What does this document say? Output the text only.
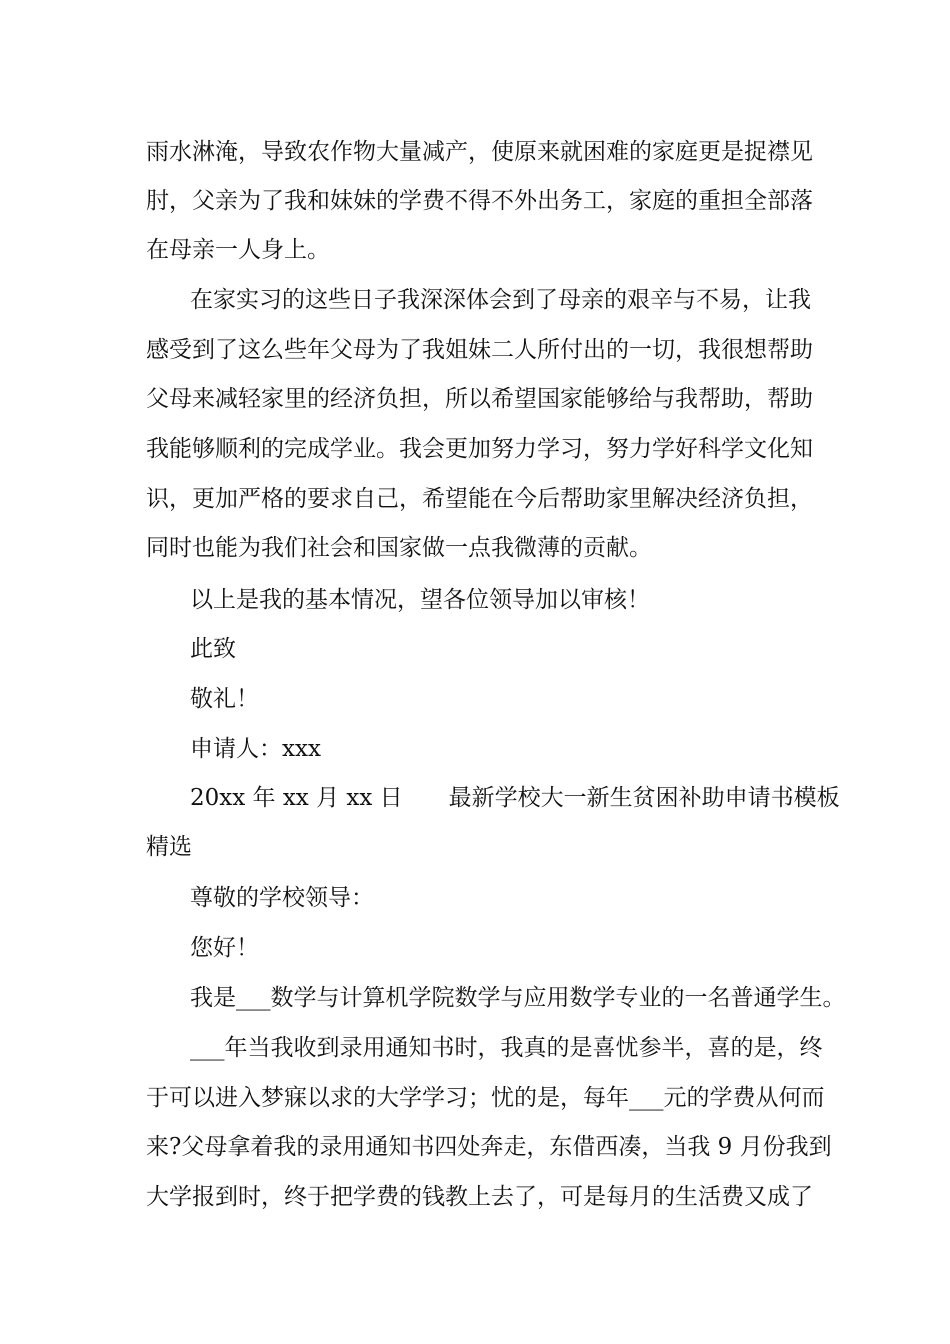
雨水淋淹，导致农作物大量减产，使原来就困难的家庭更是捉襟见
肘，父亲为了我和妹妹的学费不得不外出务工，家庭的重担全部落
在母亲一人身上。
在家实习的这些日子我深深体会到了母亲的艰辛与不易，让我
感受到了这么些年父母为了我姐妹二人所付出的一切，我很想帮助
父母来减轻家里的经济负担，所以希望国家能够给与我帮助，帮助
我能够顺利的完成学业。我会更加努力学习，努力学好科学文化知
识，更加严格的要求自己，希望能在今后帮助家里解决经济负担，
同时也能为我们社会和国家做一点我微薄的贡献。
以上是我的基本情况，望各位领导加以审核！
此致
敬礼！
申请人：xxx
20xx 年 xx 月 xx 日　　最新学校大一新生贫困补助申请书模板
精选
尊敬的学校领导：
您好！
我是___数学与计算机学院数学与应用数学专业的一名普通学生。
___年当我收到录用通知书时，我真的是喜忧参半，喜的是，终
于可以进入梦寐以求的大学学习；忧的是，每年___元的学费从何而
来?父母拿着我的录用通知书四处奔走，东借西凑，当我 9 月份我到
大学报到时，终于把学费的钱教上去了，可是每月的生活费又成了
